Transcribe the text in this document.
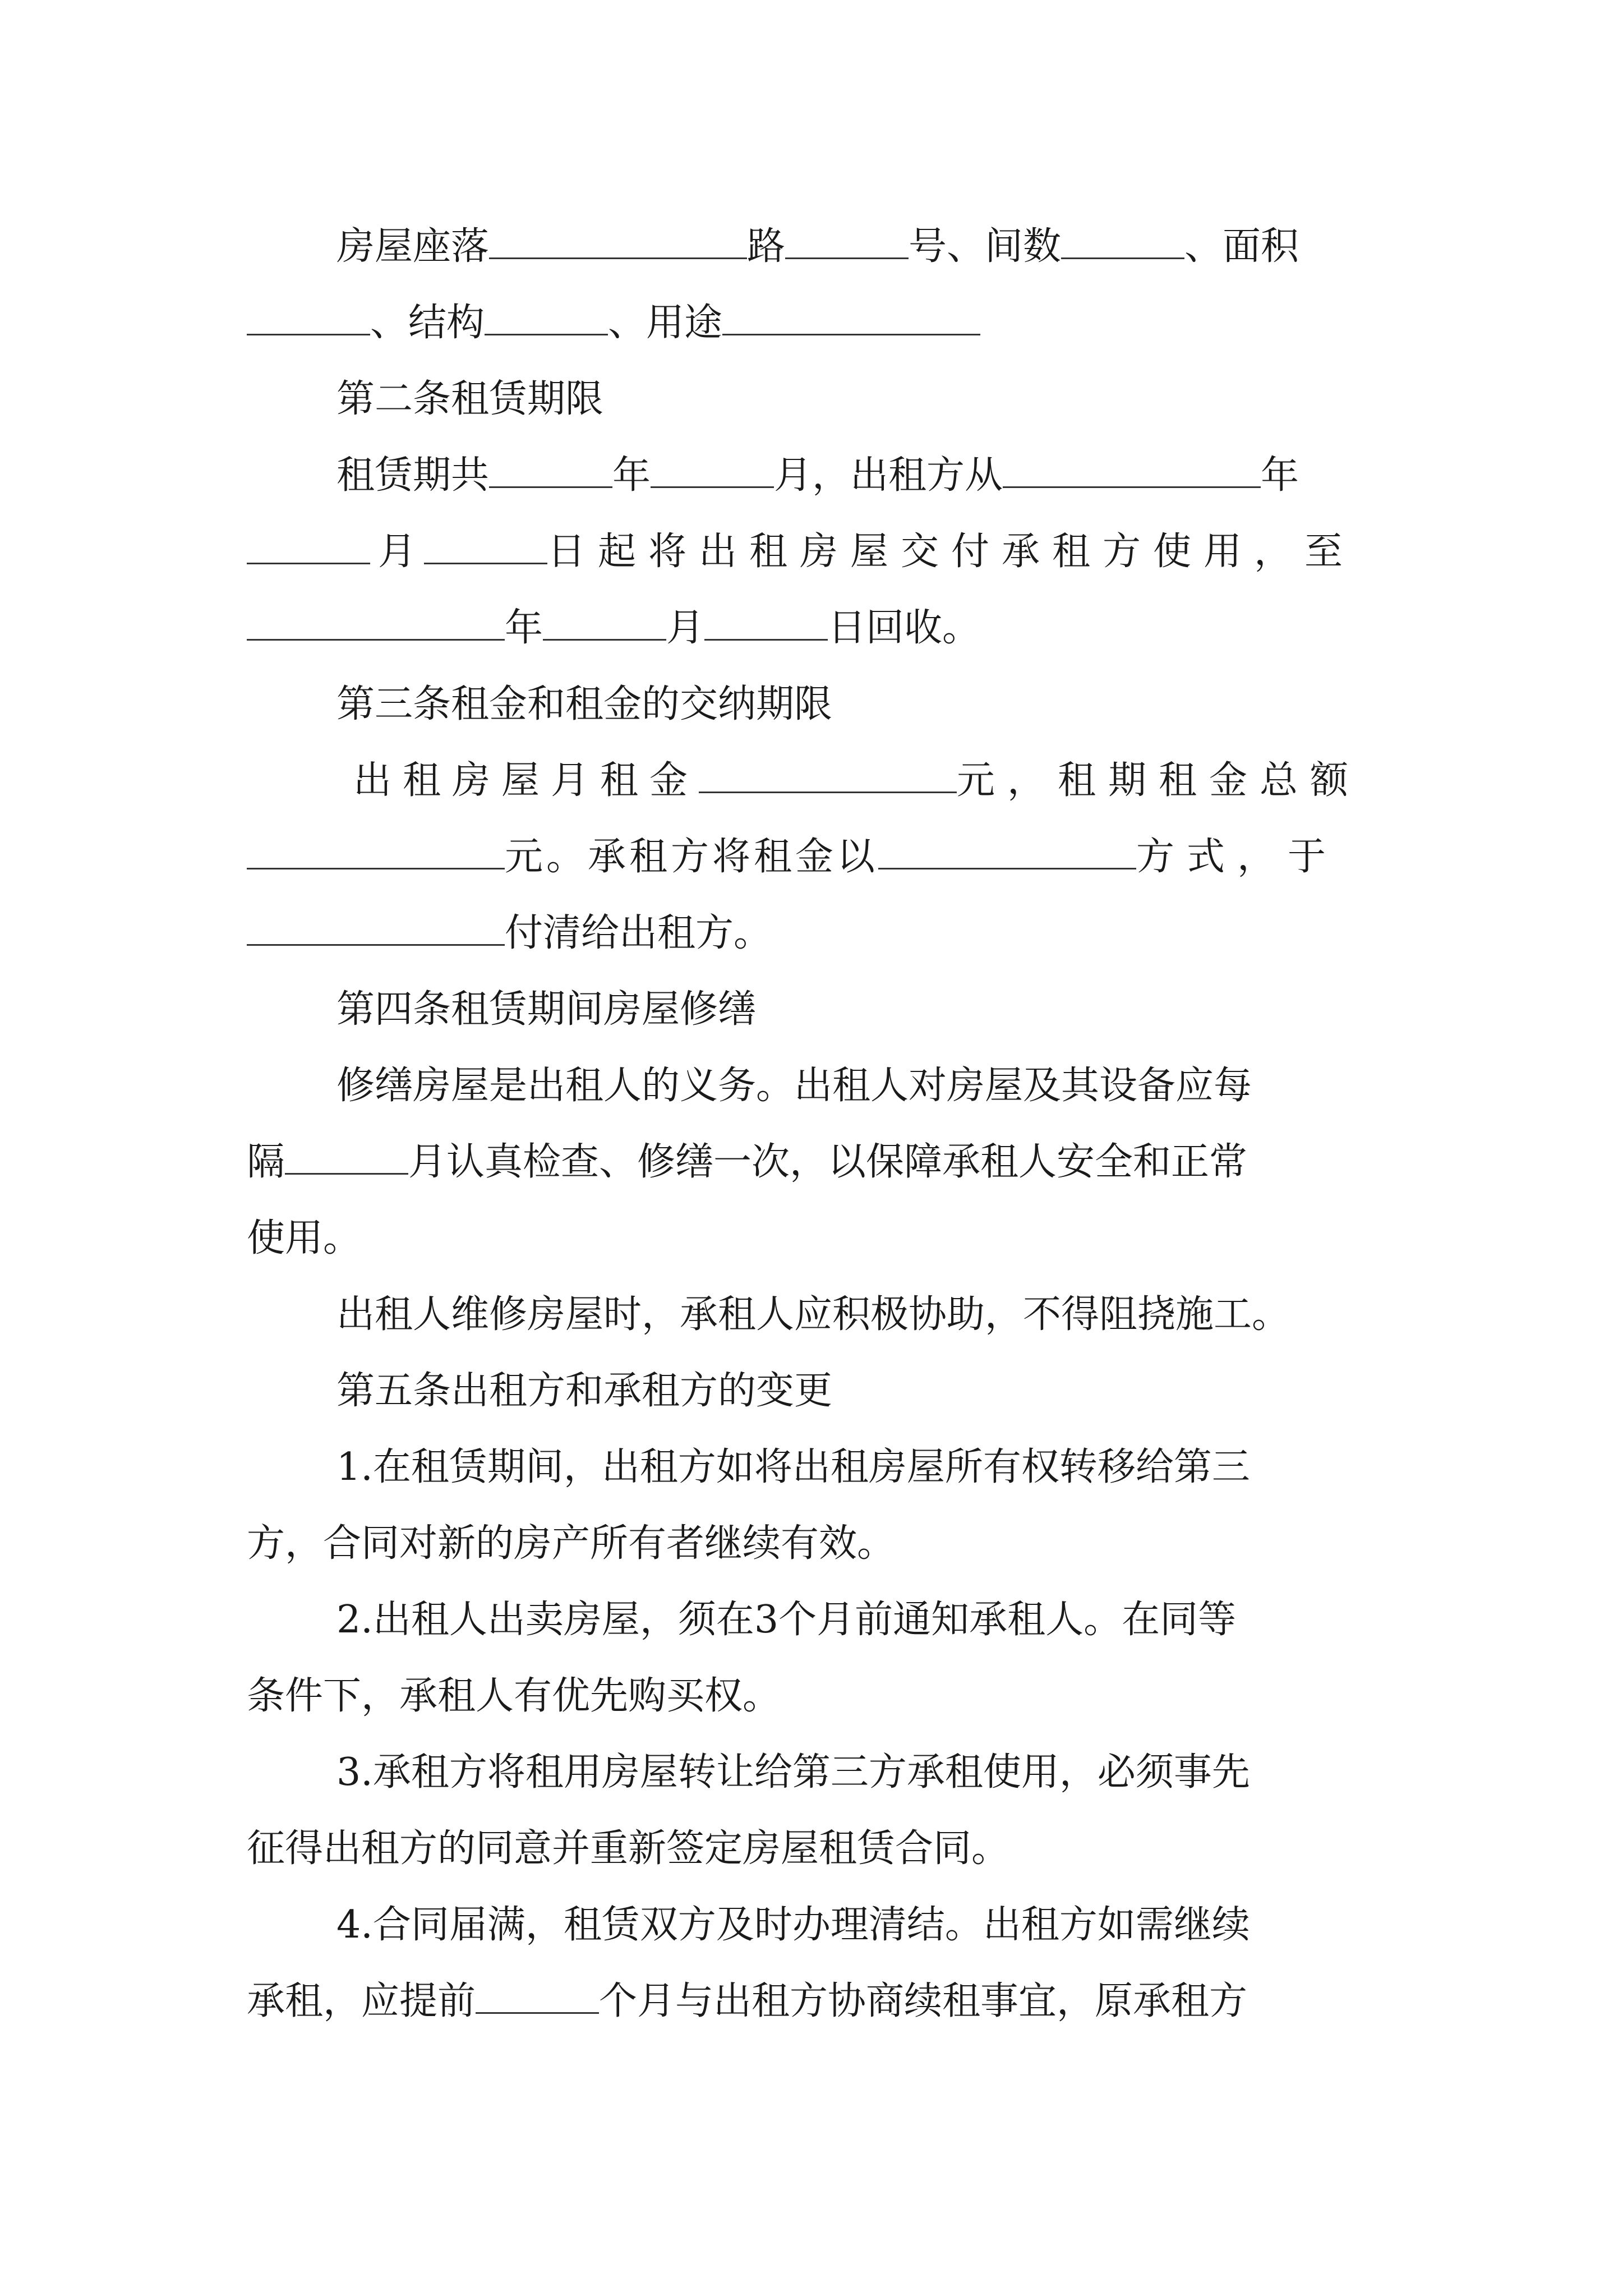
房屋座落	路	号、间数	、面积
、结构	、用途
第二条租赁期限
租赁期共	年	月，出租方从	年
月	日起将出租房屋交付承租方使用，至
年	月	日回收。
第三条租金和租金的交纳期限
出租房屋月租金	元，租期租金总额
元。承租方将租金以	方式，于
付清给出租方。
第四条租赁期间房屋修缮
修缮房屋是出租人的义务。出租人对房屋及其设备应每
隔	月认真检查、修缮一次，以保障承租人安全和正常
使用。
出租人维修房屋时，承租人应积极协助，不得阻挠施工。
第五条出租方和承租方的变更
1.在租赁期间，出租方如将出租房屋所有权转移给第三
方，合同对新的房产所有者继续有效。
2.出租人出卖房屋，须在3个月前通知承租人。在同等
条件下，承租人有优先购买权。
3.承租方将租用房屋转让给第三方承租使用，必须事先
征得出租方的同意并重新签定房屋租赁合同。
4.合同届满，租赁双方及时办理清结。出租方如需继续
承租，应提前	个月与出租方协商续租事宜，原承租方
